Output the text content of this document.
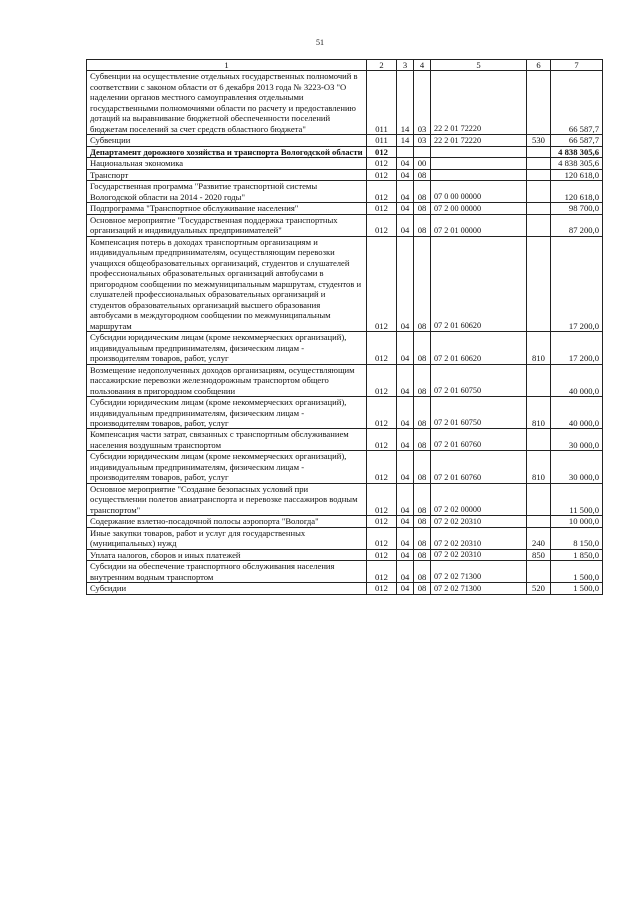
51
1	2	3	4	5	6	7
Субвенции на осуществление отдельных государственных полномочий в соответствии с законом области от 6 декабря 2013 года № 3223-ОЗ "О наделении органов местного самоуправления отдельными государственными полномочиями области по расчету и предоставлению дотаций на выравнивание бюджетной обеспеченности поселений бюджетам поселений за счет средств областного бюджета"	011	14	03	22 2 01 72220		66 587,7
Субвенции	011	14	03	22 2 01 72220	530	66 587,7
Департамент дорожного хозяйства и транспорта Вологодской области	012					4 838 305,6
Национальная экономика	012	04	00			4 838 305,6
Транспорт	012	04	08			120 618,0
Государственная программа "Развитие транспортной системы Вологодской области на 2014 - 2020 годы"	012	04	08	07 0 00 00000		120 618,0
Подпрограмма "Транспортное обслуживание населения"	012	04	08	07 2 00 00000		98 700,0
Основное мероприятие "Государственная поддержка транспортных организаций и индивидуальных предпринимателей"	012	04	08	07 2 01 00000		87 200,0
Компенсация потерь в доходах транспортным организациям и индивидуальным предпринимателям, осуществляющим перевозки учащихся общеобразовательных организаций, студентов и слушателей профессиональных образовательных организаций автобусами в пригородном сообщении по межмуниципальным маршрутам, студентов и слушателей профессиональных образовательных организаций и студентов образовательных организаций высшего образования автобусами в междугородном сообщении по межмуниципальным маршрутам	012	04	08	07 2 01 60620		17 200,0
Субсидии юридическим лицам (кроме некоммерческих организаций), индивидуальным предпринимателям, физическим лицам - производителям товаров, работ, услуг	012	04	08	07 2 01 60620	810	17 200,0
Возмещение недополученных доходов организациям, осуществляющим пассажирские перевозки железнодорожным транспортом общего пользования в пригородном сообщении	012	04	08	07 2 01 60750		40 000,0
Субсидии юридическим лицам (кроме некоммерческих организаций), индивидуальным предпринимателям, физическим лицам - производителям товаров, работ, услуг	012	04	08	07 2 01 60750	810	40 000,0
Компенсация части затрат, связанных с транспортным обслуживанием населения воздушным транспортом	012	04	08	07 2 01 60760		30 000,0
Субсидии юридическим лицам (кроме некоммерческих организаций), индивидуальным предпринимателям, физическим лицам - производителям товаров, работ, услуг	012	04	08	07 2 01 60760	810	30 000,0
Основное мероприятие "Создание безопасных условий при осуществлении полетов авиатранспорта и перевозке пассажиров водным транспортом"	012	04	08	07 2 02 00000		11 500,0
Содержание взлетно-посадочной полосы аэропорта "Вологда"	012	04	08	07 2 02 20310		10 000,0
Иные закупки товаров, работ и услуг для государственных (муниципальных) нужд	012	04	08	07 2 02 20310	240	8 150,0
Уплата налогов, сборов и иных платежей	012	04	08	07 2 02 20310	850	1 850,0
Субсидии на обеспечение транспортного обслуживания населения внутренним водным транспортом	012	04	08	07 2 02 71300		1 500,0
Субсидии	012	04	08	07 2 02 71300	520	1 500,0
